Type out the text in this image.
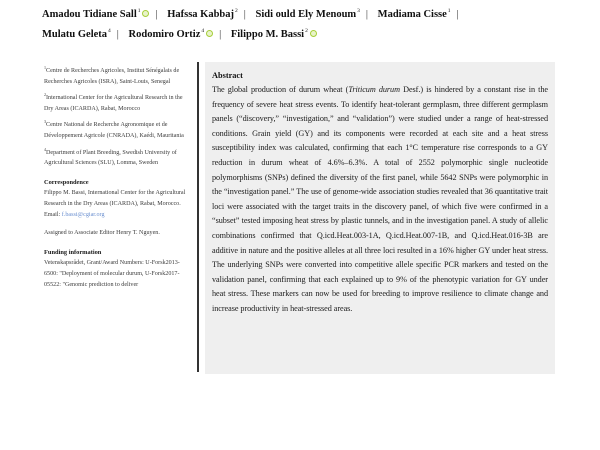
Amadou Tidiane Sall$^1$ | Hafssa Kabbaj$^2$ | Sidi ould Ely Menoum$^3$ | Madiama Cisse$^1$ |
Mulatu Geleta$^4$ | Rodomiro Ortiz$^4$ | Filippo M. Bassi$^2$
$^1$Centre de Recherches Agricoles, Institut Sénégalais de Recherches Agricoles (ISRA), Saint-Louis, Senegal
$^2$International Center for the Agricultural Research in the Dry Areas (ICARDA), Rabat, Morocco
$^3$Centre National de Recherche Agronomique et de Développement Agricole (CNRADA), Kaédi, Mauritania
$^4$Department of Plant Breeding, Swedish University of Agricultural Sciences (SLU), Lomma, Sweden
Correspondence
Filippo M. Bassi, International Center for the Agricultural Research in the Dry Areas (ICARDA), Rabat, Morocco.
Email: f.bassi@cgiar.org
Assigned to Associate Editor Henry T. Nguyen.
Funding information
Vetenskapsrådet, Grant/Award Numbers: U-Forsk2013-6500: "Deployment of molecular durum, U-Forsk2017-05522: "Genomic prediction to deliver
Abstract
The global production of durum wheat (Triticum durum Desf.) is hindered by a constant rise in the frequency of severe heat stress events. To identify heat-tolerant germplasm, three different germplasm panels (“discovery,” “investigation,” and “validation”) were studied under a range of heat-stressed conditions. Grain yield (GY) and its components were recorded at each site and a heat stress susceptibility index was calculated, confirming that each 1°C temperature rise corresponds to a GY reduction in durum wheat of 4.6%–6.3%. A total of 2552 polymorphic single nucleotide polymorphisms (SNPs) defined the diversity of the first panel, while 5642 SNPs were polymorphic in the “investigation panel.” The use of genome-wide association studies revealed that 36 quantitative trait loci were associated with the target traits in the discovery panel, of which five were confirmed in a “subset” tested imposing heat stress by plastic tunnels, and in the investigation panel. A study of allelic combinations confirmed that Q.icd.Heat.003-1A, Q.icd.Heat.007-1B, and Q.icd.Heat.016-3B are additive in nature and the positive alleles at all three loci resulted in a 16% higher GY under heat stress. The underlying SNPs were converted into competitive allele specific PCR markers and tested on the validation panel, confirming that each explained up to 9% of the phenotypic variation for GY under heat stress. These markers can now be used for breeding to improve resilience to climate change and increase productivity in heat-stressed areas.
